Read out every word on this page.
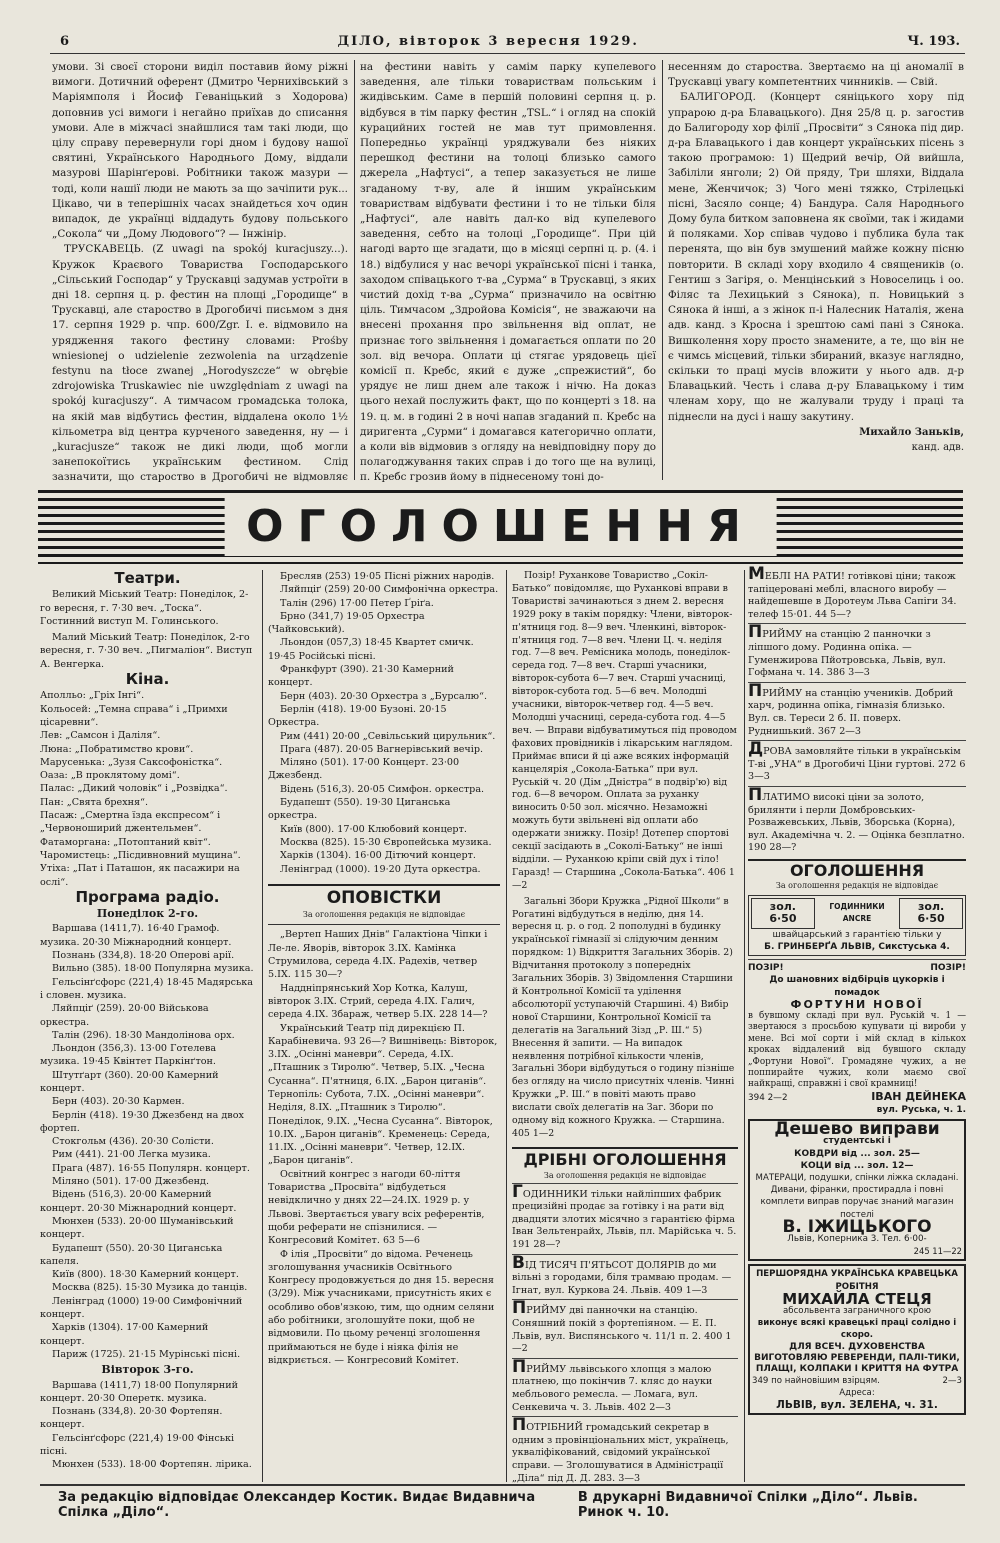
6	ДІЛО, вівторок 3 вересня 1929.	Ч. 193.

умови. Зі своєї сторони виділ поставив йому ріжні вимоги. Дотичний оферент (Дмитро Чернихівський з Маріямполя і Йосиф Геваніцький з Ходорова) доповнив усі вимоги і негайно приїхав до списання умови. Але в міжчасі знайшлися там такі люди, що цілу справу перевернули горі дном і будову нашої святині, Українського Народнього Дому, віддали мазурові Шарінґерові. Робітники також мазури — тоді, коли нашії люди не мають за що зачіпити рук... Цікаво, чи в теперішніх часах знайдеться хоч один випадок, де українці віддадуть будову польського „Сокола“ чи „Дому Людового“? — Інжінір.

ТРУСКАВЕЦЬ. (Z uwagi na spokój kuracjuszy...). Кружок Краєвого Товариства Господарського „Сільський Господар“ у Трускавці задумав устроїти в дні 18. серпня ц. р. фестин на площі „Городище“ в Трускавці, але староство в Дрогобичі письмом з дня 17. серпня 1929 р. чпр. 600/Zgr. I. е. відмовило на урядження такого фестину словами: Prośby wniesionej o udzielenie zezwolenia na urządzenie festynu na tłoce zwanej „Horodyszcze“ w obrębie zdrojowiska Truskawiec nie uwzględniam z uwagi na spokój kuracjuszy“. А тимчасом громадська толока, на якій мав відбутись фестин, віддалена около 1½ кільометра від центра курченого заведення, ну — і „kuracjusze“ також не дикі люди, щоб могли занепокоїтись українським фестином. Слід зазначити, що староство в Дрогобичі не відмовляє

на фестини навіть у самім парку купелевого заведення, але тільки товариствам польським і жидівським. Саме в першій половині серпня ц. р. відбувся в тім парку фестин „TSL.“ і огляд на спокій курацийних гостей не мав тут примовлення. Попередньо українці уряджували без ніяких перешкод фестини на толоці близько самого джерела „Нафтусі“, а тепер заказується не лише згаданому т-ву, але й іншим українським товариствам відбувати фестини і то не тільки біля „Нафтусі“, але навіть дал-ко від купелевого заведення, себто на толоці „Городище“. При цій нагоді варто ще згадати, що в місяці серпні ц. р. (4. і 18.) відбулися у нас вечорі української пісні і танка, заходом співацького т-ва „Сурма“ в Трускавці, з яких чистий дохід т-ва „Сурма“ призначило на освітню ціль. Тимчасом „Здройова Комісія“, не зважаючи на внесені прохання про звільнення від оплат, не признає того звільнення і домагається оплати по 20 зол. від вечора. Оплати ці стягає урядовець цієї комісії п. Кребс, який є дуже „спрежистий“, бо урядує не лиш днем але також і нічю. На доказ цього нехай послужить факт, що по концерті з 18. на 19. ц. м. в годині 2 в ночі напав згаданий п. Кребс на диригента „Сурми“ і домагався категорично оплати, а коли вів відмовив з огляду на невідповідну пору до полагоджування таких справ і до того ще на вулиці, п. Кребс грозив йому в піднесеному тоні до-

несенням до староства. Звертаємо на ці аномалії в Трускавці увагу компетентних чинників. — Свій.

БАЛИГОРОД. (Концерт сяніцького хору під упрарою д-ра Блавацького). Дня 25/8 ц. р. загостив до Балигороду хор філії „Просвіти“ з Сянока під дир. д-ра Блавацького і дав концерт українських пісень з такою програмою: 1) Щедрий вечір, Ой вийшла, Забіліли янголи; 2) Ой пряду, Три шляхи, Віддала мене, Женчичок; 3) Чого мені тяжко, Стрілецькі пісні, Засяло сонце; 4) Бандура. Саля Народнього Дому була битком заповнена як своїми, так і жидами й поляками. Хор співав чудово і публика була так перенята, що він був змушений майже кожну пісню повторити. В складі хору входило 4 священиків (о. Гентиш з Загіря, о. Менцінський з Новоселиць і оо. Філяс та Лехицький з Сянока), п. Новицький з Сянока й інші, а з жінок п-і Налесник Наталія, жена адв. канд. з Кросна і зрештою самі пані з Сянока. Вишколення хору просто знамените, а те, що він не є чимсь місцевий, тільки збираний, вказує наглядно, скільки то праці мусів вложити у нього адв. д-р Блавацький. Честь і слава д-ру Блавацькому і тим членам хору, що не жалували труду і праці та піднесли на дусі і нашу закутину.

Михайло Заньків,

канд. адв.

ОГОЛОШЕННЯ
Театри.

Великий Міський Театр: Понеділок, 2-го вересня, г. 7·30 веч. „Тоска“. Гостинний виступ М. Голинського.

Малий Міський Театр: Понеділок, 2-го вересня, г. 7·30 веч. „Пигмаліон“. Виступ А. Венгерка.

Кіна.

Аполльо: „Гріх Інгі“.

Кольосей: „Темна справа“ і „Примхи цісаревни“.

Лев: „Самсон і Даліля“.

Люна: „Побратимство крови“.

Марусенька: „Зузя Саксофоністка“.

Оаза: „В проклятому домі“.

Палас: „Дикий чоловік“ і „Розвідка“.

Пан: „Свята брехня“.

Пасаж: „Смертна їзда експресом“ і „Червоноширий джентельмен“.

Фатаморгана: „Потоптаний квіт“.

Чаромистець: „Пісдивновний мущина“.

Утіха: „Пат і Паташон, як пасажири на ослі“.

Програма радіо.
Понеділок 2-го.

Варшава (1411,7). 16·40 Грамоф. музика. 20·30 Міжнародний концерт.

Познань (334,8). 18·20 Оперові арії.

Вильно (385). 18·00 Популярна музика.

Гельсінґсфорс (221,4) 18·45 Мадярська і словен. музика.

Ляйпціґ (259). 20·00 Військова оркестра.

Талін (296). 18·30 Мандолінова орх.

Льондон (356,3). 13·00 Готелева музика. 19·45 Квінтет Паркінґтон.

Штутґарт (360). 20·00 Камерний концерт.

Берн (403). 20·30 Кармен.

Берлін (418). 19·30 Джезбенд на двох фортеп.

Стокгольм (436). 20·30 Солісти.

Рим (441). 21·00 Легка музика.

Прага (487). 16·55 Популярн. концерт.

Міляно (501). 17·00 Джезбенд.

Відень (516,3). 20·00 Камерний концерт. 20·30 Міжнародний концерт.

Мюнхен (533). 20·00 Шуманівський концерт.

Будапешт (550). 20·30 Циганська капеля.

Київ (800). 18·30 Камерний концерт.

Москва (825). 15·30 Музика до танців.

Ленінград (1000) 19·00 Симфонічний концерт.

Харків (1304). 17·00 Камерний концерт.

Париж (1725). 21·15 Мурінські пісні.

Вівторок 3-го.

Варшава (1411,7) 18·00 Популярний концерт. 20·30 Оперетк. музика.

Познань (334,8). 20·30 Фортепян. концерт.

Гельсінґсфорс (221,4) 19·00 Фінські пісні.

Мюнхен (533). 18·00 Фортепян. лірика.

Бресляв (253) 19·05 Пісні ріжних народів.

Ляйпціґ (259) 20·00 Симфонічна оркестра.

Талін (296) 17·00 Петер Ґріґа.

Брно (341,7) 19·05 Орхестра (Чайковський).

Льондон (057,3) 18·45 Квартет смичк. 19·45 Російські пісні.

Франкфурт (390). 21·30 Камерний концерт.

Берн (403). 20·30 Орхестра з „Бурсалю“.

Берлін (418). 19·00 Бузоні. 20·15 Оркестра.

Рим (441) 20·00 „Севільський цирульник“.

Прага (487). 20·05 Вагнерівський вечір.

Міляно (501). 17·00 Концерт. 23·00 Джезбенд.

Відень (516,3). 20·05 Симфон. оркестра.

Будапешт (550). 19·30 Циганська оркестра.

Київ (800). 17·00 Клюбовий концерт.

Москва (825). 15·30 Європейська музика.

Харків (1304). 16·00 Дітючий концерт.

Ленінград (1000). 19·20 Дута оркестра.

ОПОВІСТКИ
За оголошення редакція не відповідає

„Вертеп Наших Днів“ Галактіона Чіпки і Ле-ле. Яворів, вівторок 3.IX. Камінка Струмилова, середа 4.IX. Радехів, четвер 5.IX. 115 30—?

Наддніпрянський Хор Котка, Калуш, вівторок 3.IX. Стрий, середа 4.IX. Галич, середа 4.IX. Збараж, четвер 5.IX. 228 14—?

Український Театр під дирекцією П. Карабіневича. 93 26—? Вишнівець: Вівторок, 3.IX. „Осінні маневри“. Середа, 4.IX. „Пташник з Тиролю“. Четвер, 5.IX. „Чесна Сусанна“. П'ятниця, 6.IX. „Барон циганів“. Тернопіль: Субота, 7.IX. „Осінні маневри“. Неділя, 8.IX. „Пташник з Тиролю“. Понеділок, 9.IX. „Чесна Сусанна“. Вівторок, 10.IX. „Барон циганів“. Кременець: Середа, 11.IX. „Осінні маневри“. Четвер, 12.IX. „Барон циганів“.

Освітний конгрес з нагоди 60-ліття Товариства „Просвіта“ відбудеться невідклично у днях 22—24.IX. 1929 р. у Львові. Звертається увагу всіх референтів, щоби реферати не спізнилися. — Конгресовий Комітет. 63 5—6

Ф ілія „Просвіти“ до відома. Реченець зголошування учасників Освітнього Конгресу продовжується до дня 15. вересня (3/29). Між учасниками, присутність яких є особливо обов'язкою, тим, що одним селяни або робітники, зголошуйте поки, щоб не відмовили. По цьому реченці зголошення приймаються не буде і ніяка філія не відкриється. — Конгресовий Комітет.

Позір! Руханкове Товариство „Сокіл-Батько“ повідомляє, що Руханкові вправи в Товаристві зачинаються з днем 2. вересня 1929 року в такім порядку: Члени, вівторок-п'ятниця год. 8—9 веч. Членкині, вівторок-п'ятниця год. 7—8 веч. Члени Ц. ч. неділя год. 7—8 веч. Ремісника молодь, понеділок-середа год. 7—8 веч. Старші учасники, вівторок-субота 6—7 веч. Старші учасниці, вівторок-субота год. 5—6 веч. Молодші учасники, вівторок-четвер год. 4—5 веч. Молодші учасниці, середа-субота год. 4—5 веч. — Вправи відбуватимуться під проводом фахових провідників і лікарським наглядом. Приймає вписи й ці аже всяких інформацій канцелярія „Сокола-Батька“ при вул. Руській ч. 20 (Дім „Дністра“ в подвір'ю) від год. 6—8 вечором. Оплата за руханку виносить 0·50 зол. місячно. Незаможні можуть бути звільнені від оплати або одержати знижку. Позір! Дотепер спортові секції засідають в „Соколі-Батьку“ не інші відділи. — Руханкою кріпи свій дух і тіло! Гаразд! — Старшина „Сокола-Батька“. 406 1—2

Загальні Збори Кружка „Рідної Школи“ в Рогатині відбудуться в неділю, дня 14. вересня ц. р. о год. 2 пополудні в будинку української гімназії зі слідуючим денним порядком: 1) Відкриття Загальних Зборів. 2) Відчитання протоколу з попередніх Загальних Зборів. 3) Звідомлення Старшини й Контрольної Комісії та уділення абсолюторії уступаючій Старшині. 4) Вибір нової Старшини, Контрольної Комісії та делегатів на Загальний Зізд „Р. Ш.“ 5) Внесення й запити. — На випадок неявлення потрібної кількости членів, Загальні Збори відбудуться о годину пізніше без огляду на число присутніх членів. Чинні Кружки „Р. Ш.“ в повіті мають право вислати своїх делегатів на Заг. Збори по одному від кожного Кружка. — Старшина. 405 1—2

ДРІБНІ ОГОЛОШЕННЯ
За оголошення редакція не відповідає
ГОДИННИКИ тільки найліпших фабрик прецизійні продає за готівку і на рати від двадцяти злотих місячно з гарантією фірма Іван Зельтенрайх, Львів, пл. Марійська ч. 5. 191 28—?
ВІД ТИСЯЧ П'ЯТЬСОТ ДОЛЯРІВ до ми вільні з городами, біля трамваю продам. — Ігнат, вул. Куркова 24. Львів. 409 1—3
ПРИЙМУ дві панночки на станцію. Соняшний покій з фортепіяном. — Е. П. Львів, вул. Виспянського ч. 11/1 п. 2. 400 1—2
ПРИЙМУ львівського хлопця з малою платнею, що покінчив 7. кляс до науки мебльового ремесла. — Ломага, вул. Сенкевича ч. 3. Львів. 402 2—3
ПОТРІБНИЙ громадський секретар в одним з провінціональних міст, українець, укваліфікований, свідомий української справи. — Зголошуватися в Адміністрації „Діла“ під Д. Д. 283. 3—3
МЕБЛІ НА РАТИ! готівкові ціни; також тапіцеровані меблі, власного виробу — найдешевше в Доротеум Льва Сапіги 34. телеф 15·01. 44 5—?
ПРИЙМУ на станцію 2 панночки з ліпшого дому. Родинна опіка. — Гуменжирова Пйотровська, Львів, вул. Гофмана ч. 14. 386 3—3
ПРИЙМУ на станцію учеників. Добрий харч, родинна опіка, гімназія близько. Вул. св. Тереси 2 б. II. поверх. Руднишький. 367 2—3
ДРОВА замовляйте тільки в українськім Т-ві „УНА“ в Дрогобичі Ціни гуртові. 272 6 3—3
ПЛАТИМО високі ціни за золото, брилянти і перли Домбровських-Розважевських, Львів, Зборська (Корна), вул. Академічна ч. 2. — Оцінка безплатно. 190 28—?
ОГОЛОШЕННЯ
За оголошення редакція не відповідає
зол. 6·50
ГОДИННИКИ ANCRE
зол. 6·50
швайцарський з гарантією тільки у
Б. ГРИНБЕРҐА ЛЬВІВ, Сикстуська 4.
ПОЗІР!	ПОЗІР!
До шановних відбірців цукорків і помадок
ФОРТУНИ НОВОЇ
в бувшому складі при вул. Руській ч. 1 — звертаюся з просьбою купувати ці вироби у мене. Всі мої сорти і мій склад в кількох кроках віддалений від бувшого складу „Фортуни Нової“. Громадяне чужих, а не поппирайте чужих, коли маємо свої найкращі, справжні і свої крамниці!
394 2—2	ІВАН ДЕЙНЕКА
вул. Руська, ч. 1.
Дешево виправи
студентські і
КОВДРИ від ... зол. 25—
КОЦИ від ... зол. 12—
МАТЕРАЦИ, подушки, спінки ліжка складані.
Дивани, фіранки, простирадла і повні комплети виправ поручає знаний магазин постелі
В. ІЖИЦЬКОГО
Львів, Коперника 3. Тел. 6·00-
245 11—22
ПЕРШОРЯДНА УКРАЇНСЬКА КРАВЕЦЬКА РОБІТНЯ
МИХАЙЛА СТЕЦЯ
абсольвента заграничного крою
виконує всякі кравецькі праці солідно і скоро.
ДЛЯ ВСЕЧ. ДУХОВЕНСТВА ВИГОТОВЛЯЮ РЕВЕРЕНДИ, ПАЛІ-ТИКИ, ПЛАЩІ, КОЛПАКИ І КРИТТЯ НА ФУТРА
349 по найновішим взірцям.	2—3
Адреса:
ЛЬВІВ, вул. ЗЕЛЕНА, ч. 31.
За редакцію відповідає Олександер Костик. Видає Видавнича Спілка „Діло“.
В друкарні Видавничої Спілки „Діло“. Львів. Ринок ч. 10.
